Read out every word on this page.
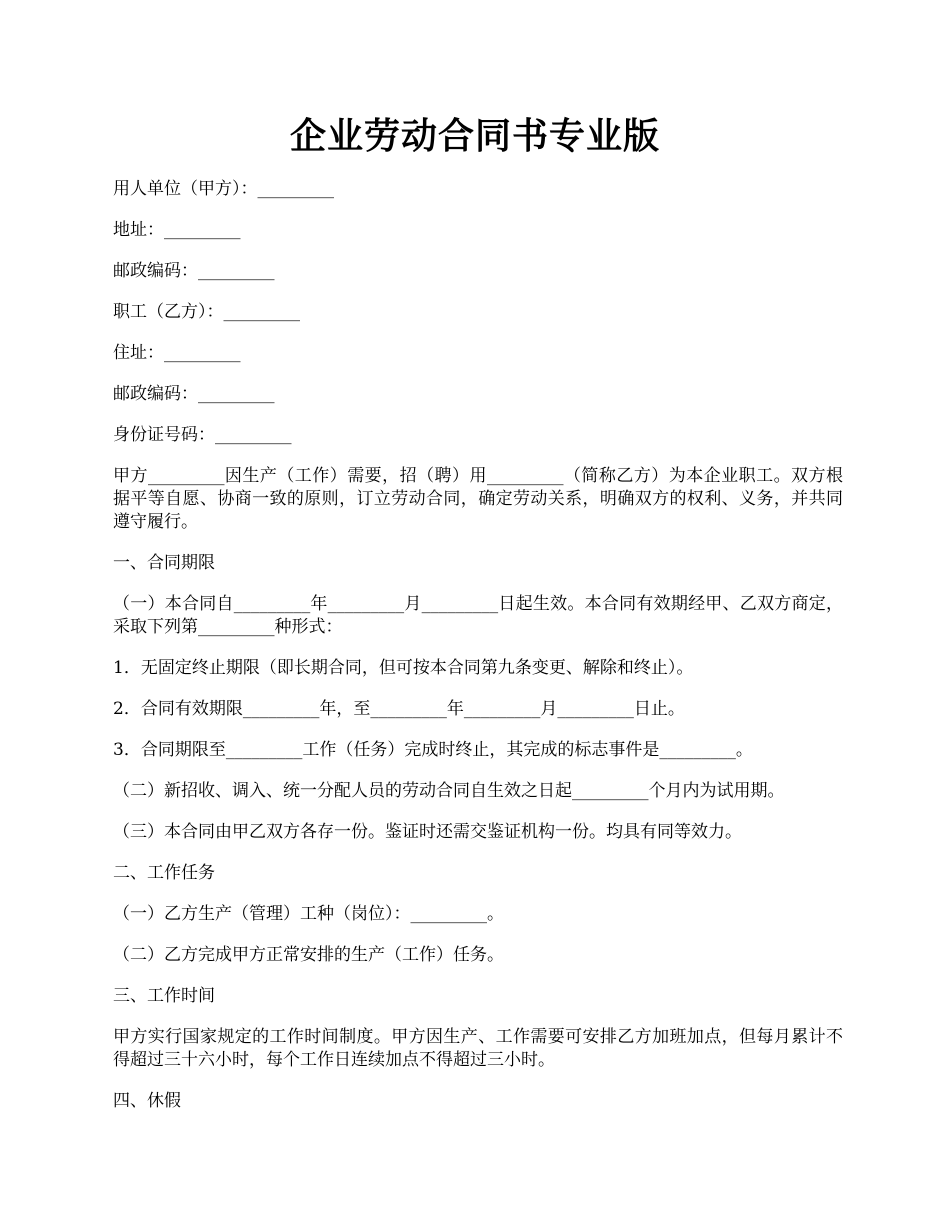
企业劳动合同书专业版

用人单位（甲方）：_________

地址：_________

邮政编码：_________

职工（乙方）：_________

住址：_________

邮政编码：_________

身份证号码：_________

甲方_________因生产（工作）需要，招（聘）用_________（简称乙方）为本企业职工。双方根据平等自愿、协商一致的原则，订立劳动合同，确定劳动关系，明确双方的权利、义务，并共同遵守履行。

一、合同期限

（一）本合同自_________年_________月_________日起生效。本合同有效期经甲、乙双方商定，采取下列第_________种形式：

1．无固定终止期限（即长期合同，但可按本合同第九条变更、解除和终止）。

2．合同有效期限_________年，至_________年_________月_________日止。

3．合同期限至_________工作（任务）完成时终止，其完成的标志事件是_________。

（二）新招收、调入、统一分配人员的劳动合同自生效之日起_________个月内为试用期。

（三）本合同由甲乙双方各存一份。鉴证时还需交鉴证机构一份。均具有同等效力。

二、工作任务

（一）乙方生产（管理）工种（岗位）：_________。

（二）乙方完成甲方正常安排的生产（工作）任务。

三、工作时间

甲方实行国家规定的工作时间制度。甲方因生产、工作需要可安排乙方加班加点，但每月累计不得超过三十六小时，每个工作日连续加点不得超过三小时。

四、休假
